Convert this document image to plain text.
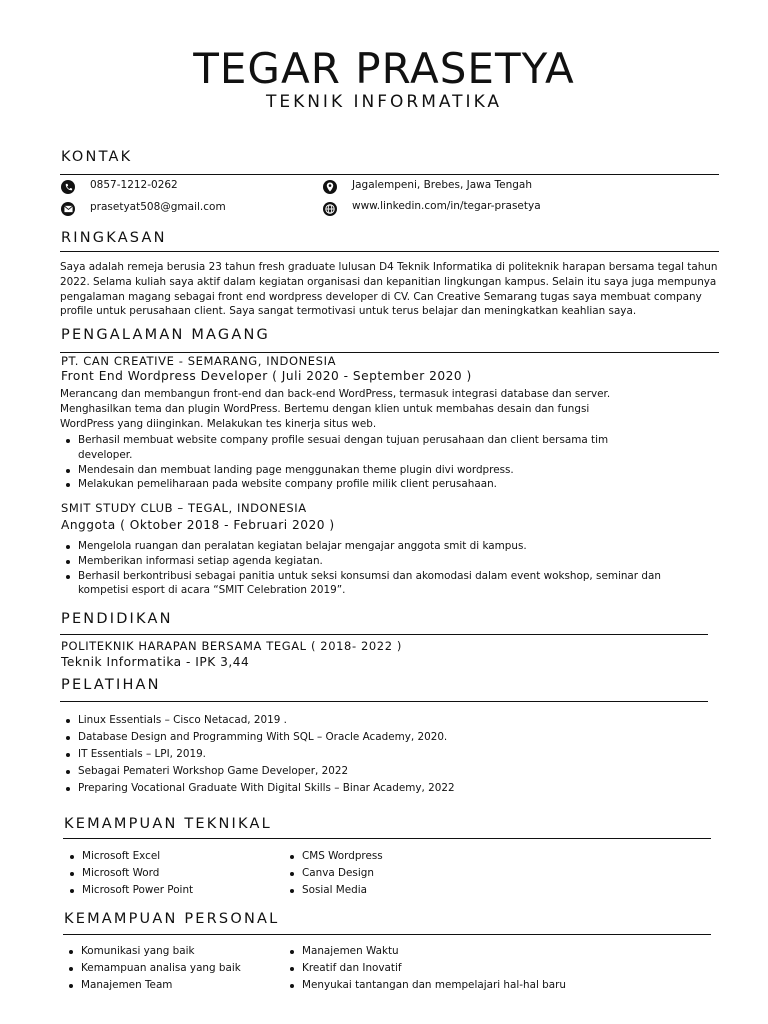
TEGAR PRASETYA
TEKNIK INFORMATIKA
KONTAK
0857-1212-0262
prasetyat508@gmail.com
Jagalempeni, Brebes, Jawa Tengah
www.linkedin.com/in/tegar-prasetya
RINGKASAN
Saya adalah remeja berusia 23 tahun fresh graduate lulusan D4 Teknik Informatika di politeknik harapan bersama tegal tahun
2022. Selama kuliah saya aktif dalam kegiatan organisasi dan kepanitian lingkungan kampus. Selain itu saya juga mempunya
pengalaman magang sebagai front end wordpress developer di CV. Can Creative Semarang tugas saya membuat company
profile untuk perusahaan client. Saya sangat termotivasi untuk terus belajar dan meningkatkan keahlian saya.
PENGALAMAN MAGANG
PT. CAN CREATIVE - SEMARANG, INDONESIA
Front End Wordpress Developer ( Juli 2020 - September 2020 )
Merancang dan membangun front-end dan back-end WordPress, termasuk integrasi database dan server.
Menghasilkan tema dan plugin WordPress. Bertemu dengan klien untuk membahas desain dan fungsi
WordPress yang diinginkan. Melakukan tes kinerja situs web.
Berhasil membuat website company profile sesuai dengan tujuan perusahaan dan client bersama tim developer.
Mendesain dan membuat landing page menggunakan theme plugin divi wordpress.
Melakukan pemeliharaan pada website company profile milik client perusahaan.
SMIT STUDY CLUB – TEGAL, INDONESIA
Anggota ( Oktober 2018 - Februari 2020 )
Mengelola ruangan dan peralatan kegiatan belajar mengajar anggota smit di kampus.
Memberikan informasi setiap agenda kegiatan.
Berhasil berkontribusi sebagai panitia untuk seksi konsumsi dan akomodasi dalam event wokshop, seminar dan kompetisi esport di acara “SMIT Celebration 2019”.
PENDIDIKAN
POLITEKNIK HARAPAN BERSAMA TEGAL ( 2018- 2022 )
Teknik Informatika - IPK 3,44
PELATIHAN
Linux Essentials – Cisco Netacad, 2019 .
Database Design and Programming With SQL – Oracle Academy, 2020.
IT Essentials – LPI, 2019.
Sebagai Pemateri Workshop Game Developer, 2022
Preparing Vocational Graduate With Digital Skills – Binar Academy, 2022
KEMAMPUAN TEKNIKAL
Microsoft Excel
Microsoft Word
Microsoft Power Point
CMS Wordpress
Canva Design
Sosial Media
KEMAMPUAN PERSONAL
Komunikasi yang baik
Kemampuan analisa yang baik
Manajemen Team
Manajemen Waktu
Kreatif dan Inovatif
Menyukai tantangan dan mempelajari hal-hal baru
